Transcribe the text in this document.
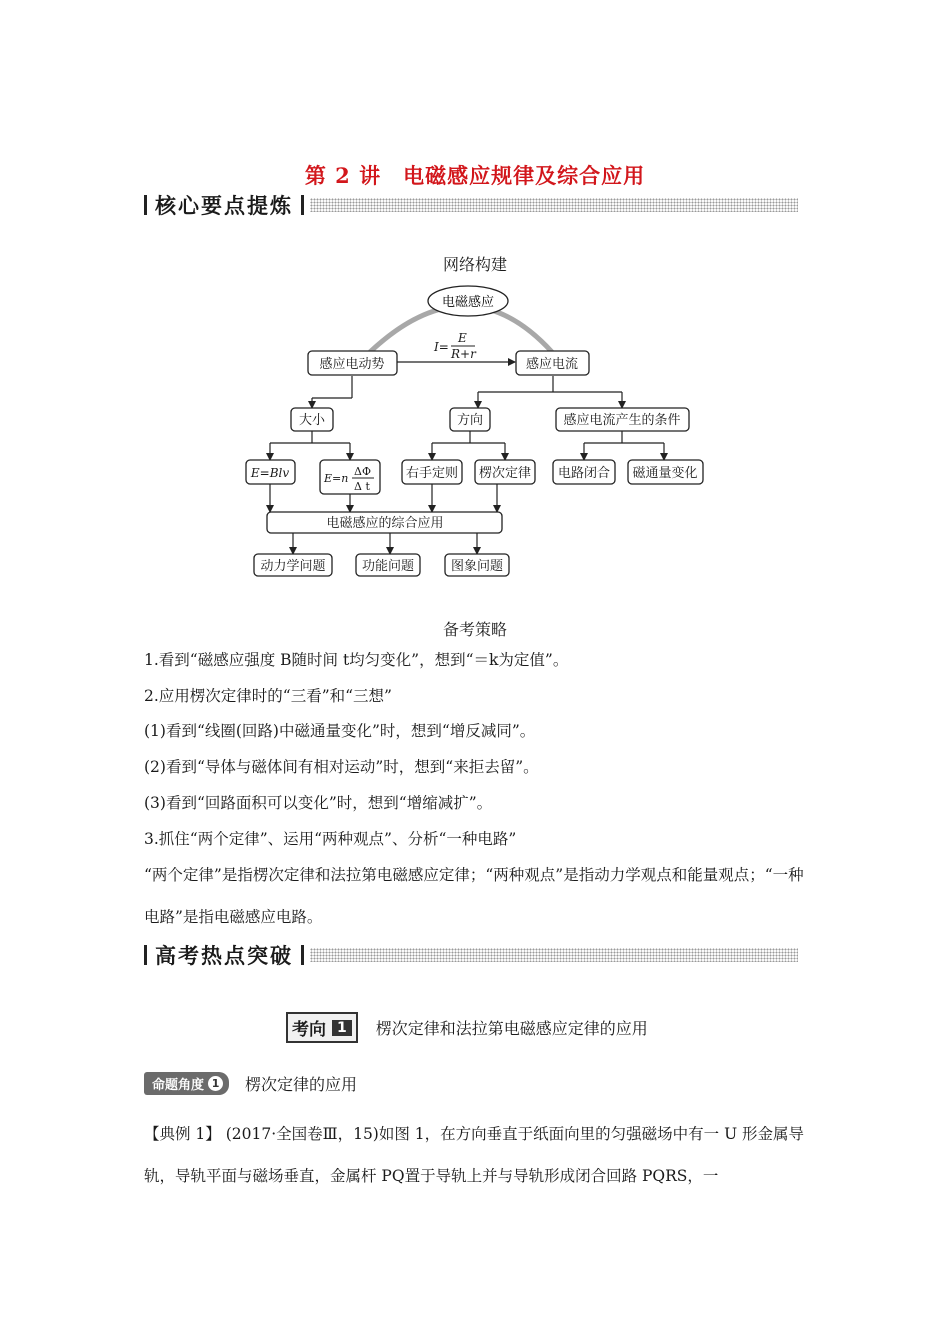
第 2 讲　电磁感应规律及综合应用
核心要点提炼
网络构建
电磁感应
感应电动势	感应电流
大小	方向	感应电流产生的条件
E=Blv	右手定则 楞次定律 电路闭合 磁通量变化
电磁感应的综合应用
动力学问题	功能问题	图象问题
I=
E
R+r
E=n
ΔΦ
Δ t
备考策略
1.看到“磁感应强度 B随时间 t均匀变化”，想到“＝k为定值”。
2.应用楞次定律时的“三看”和“三想”
(1)看到“线圈(回路)中磁通量变化”时，想到“增反减同”。
(2)看到“导体与磁体间有相对运动”时，想到“来拒去留”。
(3)看到“回路面积可以变化”时，想到“增缩减扩”。
3.抓住“两个定律”、运用“两种观点”、分析“一种电路”
“两个定律”是指楞次定律和法拉第电磁感应定律；“两种观点”是指动力学观点和能量观点；“一种电路”是指电磁感应电路。
高考热点突破
考向 1	楞次定律和法拉第电磁感应定律的应用
命题角度 1 楞次定律的应用
【典例 1】 (2017·全国卷Ⅲ，15)如图 1，在方向垂直于纸面向里的匀强磁场中有一 U 形金属导轨，导轨平面与磁场垂直，金属杆 PQ置于导轨上并与导轨形成闭合回路 PQRS，一
